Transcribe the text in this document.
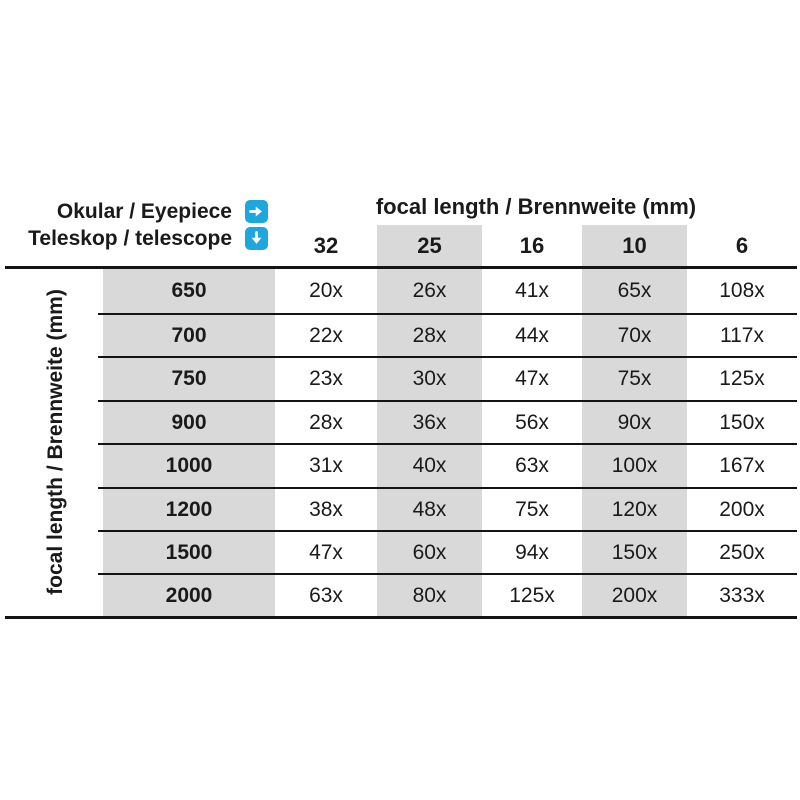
Okular / Eyepiece
Teleskop / telescope
focal length / Brennweite (mm)
32	25	16	10	6
650	20x	26x	41x	65x	108x
700	22x	28x	44x	70x	117x
750	23x	30x	47x	75x	125x
900	28x	36x	56x	90x	150x
1000	31x	40x	63x	100x	167x
1200	38x	48x	75x	120x	200x
1500	47x	60x	94x	150x	250x
2000	63x	80x	125x	200x	333x
focal length / Brennweite (mm)
